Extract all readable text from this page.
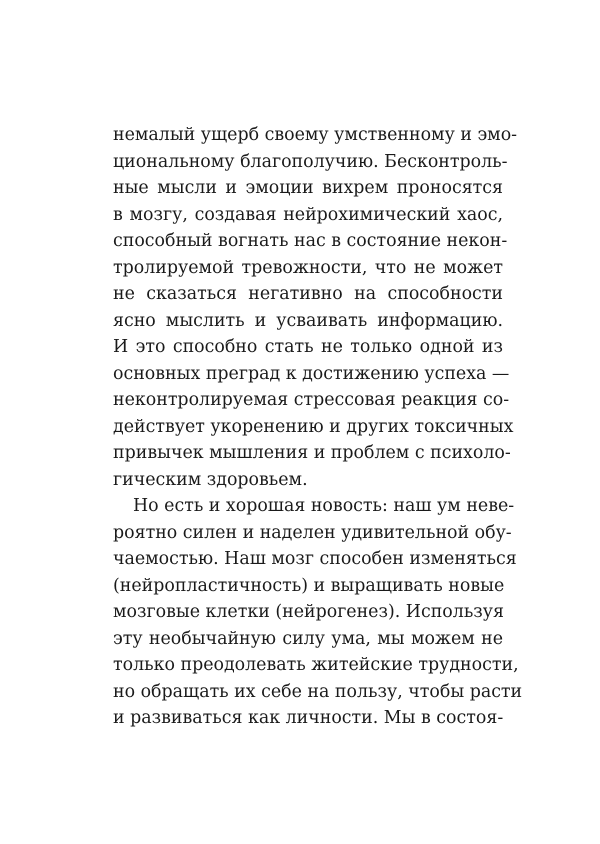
немалый ущерб своему умственному и эмо-
циональному благополучию. Бесконтроль-
ные мысли и эмоции вихрем проносятся
в мозгу, создавая нейрохимический хаос,
способный вогнать нас в состояние некон-
тролируемой тревожности, что не может
не сказаться негативно на способности
ясно мыслить и усваивать информацию.
И это способно стать не только одной из
основных преград к достижению успеха —
неконтролируемая стрессовая реакция со-
действует укоренению и других токсичных
привычек мышления и проблем с психоло-
гическим здоровьем.
Но есть и хорошая новость: наш ум неве-
роятно силен и наделен удивительной обу-
чаемостью. Наш мозг способен изменяться
(нейропластичность) и выращивать новые
мозговые клетки (нейрогенез). Используя
эту необычайную силу ума, мы можем не
только преодолевать житейские трудности,
но обращать их себе на пользу, чтобы расти
и развиваться как личности. Мы в состоя-
